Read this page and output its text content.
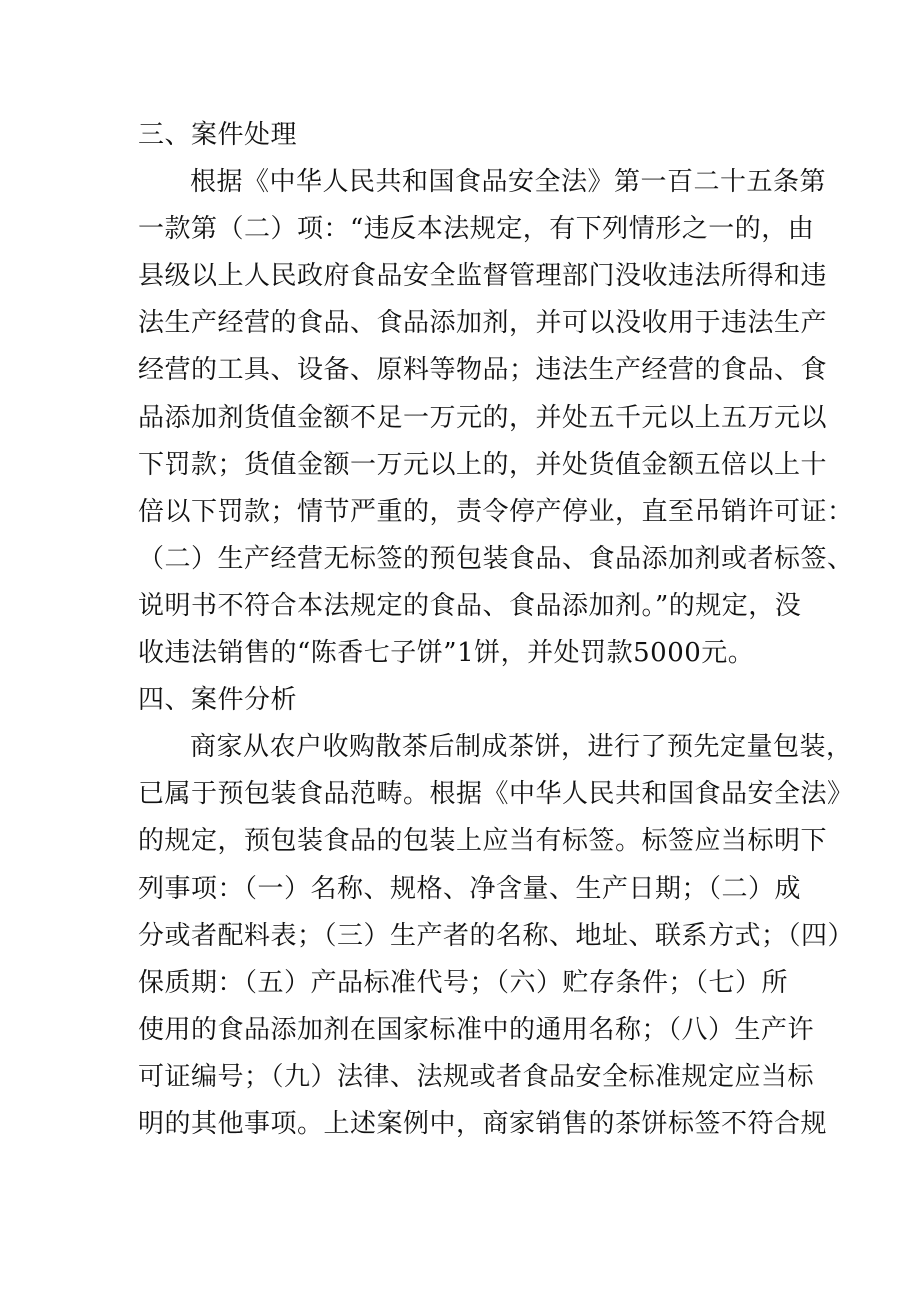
三、案件处理
根据《中华人民共和国食品安全法》第一百二十五条第
一款第（二）项：“违反本法规定，有下列情形之一的，由
县级以上人民政府食品安全监督管理部门没收违法所得和违
法生产经营的食品、食品添加剂，并可以没收用于违法生产
经营的工具、设备、原料等物品；违法生产经营的食品、食
品添加剂货值金额不足一万元的，并处五千元以上五万元以
下罚款；货值金额一万元以上的，并处货值金额五倍以上十
倍以下罚款；情节严重的，责令停产停业，直至吊销许可证：
（二）生产经营无标签的预包装食品、食品添加剂或者标签、
说明书不符合本法规定的食品、食品添加剂。”的规定，没
收违法销售的“陈香七子饼”1饼，并处罚款5000元。
四、案件分析
商家从农户收购散茶后制成茶饼，进行了预先定量包装，
已属于预包装食品范畴。根据《中华人民共和国食品安全法》
的规定，预包装食品的包装上应当有标签。标签应当标明下
列事项：（一）名称、规格、净含量、生产日期；（二）成
分或者配料表；（三）生产者的名称、地址、联系方式；（四）
保质期：（五）产品标准代号；（六）贮存条件；（七）所
使用的食品添加剂在国家标准中的通用名称；（八）生产许
可证编号；（九）法律、法规或者食品安全标准规定应当标
明的其他事项。上述案例中，商家销售的茶饼标签不符合规
